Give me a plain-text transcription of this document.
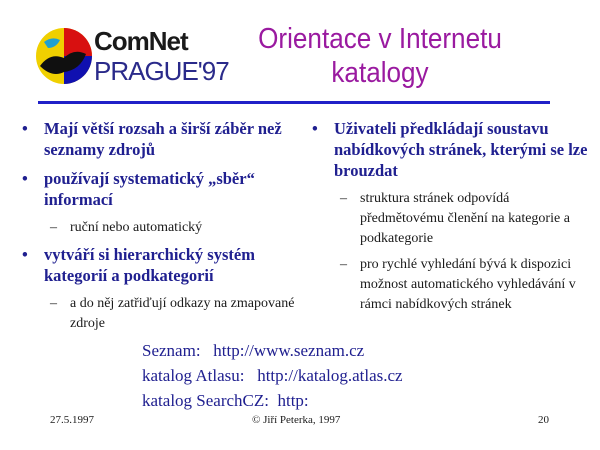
ComNet
PRAGUE'97
Orientace v Internetu
katalogy
• Mají větší rozsah a širší záběr než seznamy zdrojů
• používají systematický „sběr“ informací
– ruční nebo automatický
• vytváří si hierarchický systém kategorií a podkategorií
– a do něj zatřiďují odkazy na zmapované zdroje
• Uživateli předkládají soustavu nabídkových stránek, kterými se lze brouzdat
– struktura stránek odpovídá předmětovému členění na kategorie a podkategorie
– pro rychlé vyhledání bývá k dispozici možnost automatického vyhledávání v rámci nabídkových stránek
Seznam:   http://www.seznam.cz
katalog Atlasu:   http://katalog.atlas.cz
katalog SearchCZ:  http:
27.5.1997	© Jiří Peterka, 1997	20
